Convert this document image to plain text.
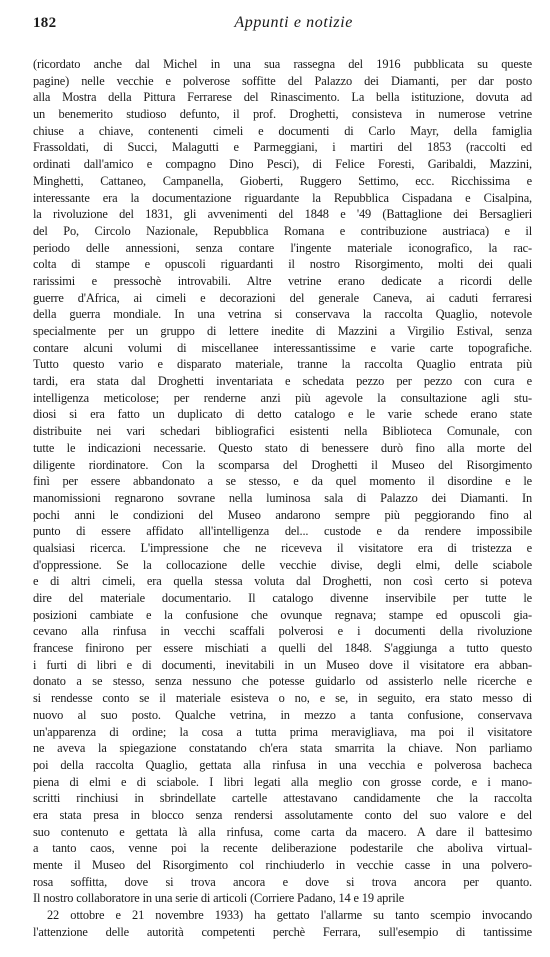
182	Appunti e notizie
(ricordato anche dal Michel in una sua rassegna del 1916 pubblicata su queste
pagine) nelle vecchie e polverose soffitte del Palazzo dei Diamanti, per dar posto
alla Mostra della Pittura Ferrarese del Rinascimento. La bella istituzione, dovuta ad
un benemerito studioso defunto, il prof. Droghetti, consisteva in numerose vetrine
chiuse a chiave, contenenti cimeli e documenti di Carlo Mayr, della famiglia
Frassoldati, di Succi, Malagutti e Parmeggiani, i martiri del 1853 (raccolti ed
ordinati dall'amico e compagno Dino Pesci), di Felice Foresti, Garibaldi, Mazzini,
Minghetti, Cattaneo, Campanella, Gioberti, Ruggero Settimo, ecc. Ricchissima e
interessante era la documentazione riguardante la Repubblica Cispadana e Cisalpina,
la rivoluzione del 1831, gli avvenimenti del 1848 e '49 (Battaglione dei Bersaglieri
del Po, Circolo Nazionale, Repubblica Romana e contribuzione austriaca) e il
periodo delle annessioni, senza contare l'ingente materiale iconografico, la rac-
colta di stampe e opuscoli riguardanti il nostro Risorgimento, molti dei quali
rarissimi e pressochè introvabili. Altre vetrine erano dedicate a ricordi delle
guerre d'Africa, ai cimeli e decorazioni del generale Caneva, ai caduti ferraresi
della guerra mondiale. In una vetrina si conservava la raccolta Quaglio, notevole
specialmente per un gruppo di lettere inedite di Mazzini a Virgilio Estival, senza
contare alcuni volumi di miscellanee interessantissime e varie carte topografiche.
Tutto questo vario e disparato materiale, tranne la raccolta Quaglio entrata più
tardi, era stata dal Droghetti inventariata e schedata pezzo per pezzo con cura e
intelligenza meticolose; per renderne anzi più agevole la consultazione agli stu-
diosi si era fatto un duplicato di detto catalogo e le varie schede erano state
distribuite nei vari schedari bibliografici esistenti nella Biblioteca Comunale, con
tutte le indicazioni necessarie. Questo stato di benessere durò fino alla morte del
diligente riordinatore. Con la scomparsa del Droghetti il Museo del Risorgimento
finì per essere abbandonato a se stesso, e da quel momento il disordine e le
manomissioni regnarono sovrane nella luminosa sala di Palazzo dei Diamanti. In
pochi anni le condizioni del Museo andarono sempre più peggiorando fino al
punto di essere affidato all'intelligenza del... custode e da rendere impossibile
qualsiasi ricerca. L'impressione che ne riceveva il visitatore era di tristezza e
d'oppressione. Se la collocazione delle vecchie divise, degli elmi, delle sciabole
e di altri cimeli, era quella stessa voluta dal Droghetti, non così certo si poteva
dire del materiale documentario. Il catalogo divenne inservibile per tutte le
posizioni cambiate e la confusione che ovunque regnava; stampe ed opuscoli gia-
cevano alla rinfusa in vecchi scaffali polverosi e i documenti della rivoluzione
francese finirono per essere mischiati a quelli del 1848. S'aggiunga a tutto questo
i furti di libri e di documenti, inevitabili in un Museo dove il visitatore era abban-
donato a se stesso, senza nessuno che potesse guidarlo od assisterlo nelle ricerche e
si rendesse conto se il materiale esisteva o no, e se, in seguito, era stato messo di
nuovo al suo posto. Qualche vetrina, in mezzo a tanta confusione, conservava
un'apparenza di ordine; la cosa a tutta prima meravigliava, ma poi il visitatore
ne aveva la spiegazione constatando ch'era stata smarrita la chiave. Non parliamo
poi della raccolta Quaglio, gettata alla rinfusa in una vecchia e polverosa bacheca
piena di elmi e di sciabole. I libri legati alla meglio con grosse corde, e i mano-
scritti rinchiusi in sbrindellate cartelle attestavano candidamente che la raccolta
era stata presa in blocco senza rendersi assolutamente conto del suo valore e del
suo contenuto e gettata là alla rinfusa, come carta da macero. A dare il battesimo
a tanto caos, venne poi la recente deliberazione podestarile che abolivа virtual-
mente il Museo del Risorgimento col rinchiuderlo in vecchie casse in una polvero-
rosa soffitta, dove si trova ancora e dove si trova ancora per quanto.
Il nostro collaboratore in una serie di articoli (Corriere Padano, 14 e 19 aprile
22 ottobre e 21 novembre 1933) ha gettato l'allarme su tanto scempio invocando
l'attenzione delle autorità competenti perchè Ferrara, sull'esempio di tantissime
